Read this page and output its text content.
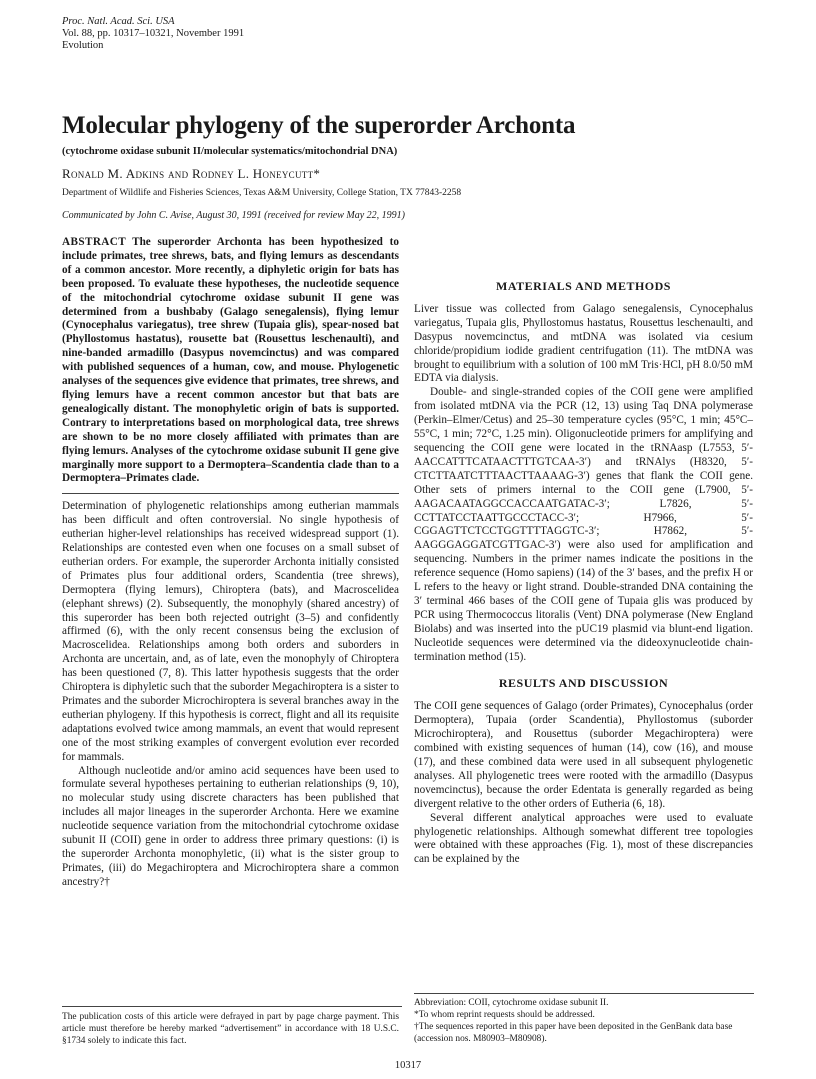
Proc. Natl. Acad. Sci. USA
Vol. 88, pp. 10317–10321, November 1991
Evolution
Molecular phylogeny of the superorder Archonta
(cytochrome oxidase subunit II/molecular systematics/mitochondrial DNA)
Ronald M. Adkins and Rodney L. Honeycutt*
Department of Wildlife and Fisheries Sciences, Texas A&M University, College Station, TX 77843-2258
Communicated by John C. Avise, August 30, 1991 (received for review May 22, 1991)

ABSTRACT The superorder Archonta has been hypothesized to include primates, tree shrews, bats, and flying lemurs as descendants of a common ancestor. More recently, a diphyletic origin for bats has been proposed. To evaluate these hypotheses, the nucleotide sequence of the mitochondrial cytochrome oxidase subunit II gene was determined from a bushbaby (Galago senegalensis), flying lemur (Cynocephalus variegatus), tree shrew (Tupaia glis), spear-nosed bat (Phyllostomus hastatus), rousette bat (Rousettus leschenaulti), and nine-banded armadillo (Dasypus novemcinctus) and was compared with published sequences of a human, cow, and mouse. Phylogenetic analyses of the sequences give evidence that primates, tree shrews, and flying lemurs have a recent common ancestor but that bats are genealogically distant. The monophyletic origin of bats is supported. Contrary to interpretations based on morphological data, tree shrews are shown to be no more closely affiliated with primates than are flying lemurs. Analyses of the cytochrome oxidase subunit II gene give marginally more support to a Dermoptera–Scandentia clade than to a Dermoptera–Primates clade.

Determination of phylogenetic relationships among eutherian mammals has been difficult and often controversial. No single hypothesis of eutherian higher-level relationships has received widespread support (1). Relationships are contested even when one focuses on a small subset of eutherian orders. For example, the superorder Archonta initially consisted of Primates plus four additional orders, Scandentia (tree shrews), Dermoptera (flying lemurs), Chiroptera (bats), and Macroscelidea (elephant shrews) (2). Subsequently, the monophyly (shared ancestry) of this superorder has been both rejected outright (3–5) and confidently affirmed (6), with the only recent consensus being the exclusion of Macroscelidea. Relationships among both orders and suborders in Archonta are uncertain, and, as of late, even the monophyly of Chiroptera has been questioned (7, 8). This latter hypothesis suggests that the order Chiroptera is diphyletic such that the suborder Megachiroptera is a sister to Primates and the suborder Microchiroptera is several branches away in the eutherian phylogeny. If this hypothesis is correct, flight and all its requisite adaptations evolved twice among mammals, an event that would represent one of the most striking examples of convergent evolution ever recorded for mammals.

Although nucleotide and/or amino acid sequences have been used to formulate several hypotheses pertaining to eutherian relationships (9, 10), no molecular study using discrete characters has been published that includes all major lineages in the superorder Archonta. Here we examine nucleotide sequence variation from the mitochondrial cytochrome oxidase subunit II (COII) gene in order to address three primary questions: (i) is the superorder Archonta monophyletic, (ii) what is the sister group to Primates, (iii) do Megachiroptera and Microchiroptera share a common ancestry?†

MATERIALS AND METHODS

Liver tissue was collected from Galago senegalensis, Cynocephalus variegatus, Tupaia glis, Phyllostomus hastatus, Rousettus leschenaulti, and Dasypus novemcinctus, and mtDNA was isolated via cesium chloride/propidium iodide gradient centrifugation (11). The mtDNA was brought to equilibrium with a solution of 100 mM Tris·HCl, pH 8.0/50 mM EDTA via dialysis.

Double- and single-stranded copies of the COII gene were amplified from isolated mtDNA via the PCR (12, 13) using Taq DNA polymerase (Perkin–Elmer/Cetus) and 25–30 temperature cycles (95°C, 1 min; 45°C–55°C, 1 min; 72°C, 1.25 min). Oligonucleotide primers for amplifying and sequencing the COII gene were located in the tRNAasp (L7553, 5′-AACCATTTCATAACTTTGTCAA-3′) and tRNAlys (H8320, 5′-CTCTTAATCTTTAACTTAAAAG-3′) genes that flank the COII gene. Other sets of primers internal to the COII gene (L7900, 5′-AAGACAATAGGCCACCAATGATAC-3′; L7826, 5′-CCTTATCCTAATTGCCCTACC-3′; H7966, 5′-CGGAGTTCTCCTGGTTTTAGGTC-3′; H7862, 5′-AAGGGAGGATCGTTGAC-3′) were also used for amplification and sequencing. Numbers in the primer names indicate the positions in the reference sequence (Homo sapiens) (14) of the 3′ bases, and the prefix H or L refers to the heavy or light strand. Double-stranded DNA containing the 3′ terminal 466 bases of the COII gene of Tupaia glis was produced by PCR using Thermococcus litoralis (Vent) DNA polymerase (New England Biolabs) and was inserted into the pUC19 plasmid via blunt-end ligation. Nucleotide sequences were determined via the dideoxynucleotide chain-termination method (15).

RESULTS AND DISCUSSION

The COII gene sequences of Galago (order Primates), Cynocephalus (order Dermoptera), Tupaia (order Scandentia), Phyllostomus (suborder Microchiroptera), and Rousettus (suborder Megachiroptera) were combined with existing sequences of human (14), cow (16), and mouse (17), and these combined data were used in all subsequent phylogenetic analyses. All phylogenetic trees were rooted with the armadillo (Dasypus novemcinctus), because the order Edentata is generally regarded as being divergent relative to the other orders of Eutheria (6, 18).

Several different analytical approaches were used to evaluate phylogenetic relationships. Although somewhat different tree topologies were obtained with these approaches (Fig. 1), most of these discrepancies can be explained by the

The publication costs of this article were defrayed in part by page charge payment. This article must therefore be hereby marked “advertisement” in accordance with 18 U.S.C. §1734 solely to indicate this fact.
Abbreviation: COII, cytochrome oxidase subunit II.
*To whom reprint requests should be addressed.
†The sequences reported in this paper have been deposited in the GenBank data base (accession nos. M80903–M80908).
10317
